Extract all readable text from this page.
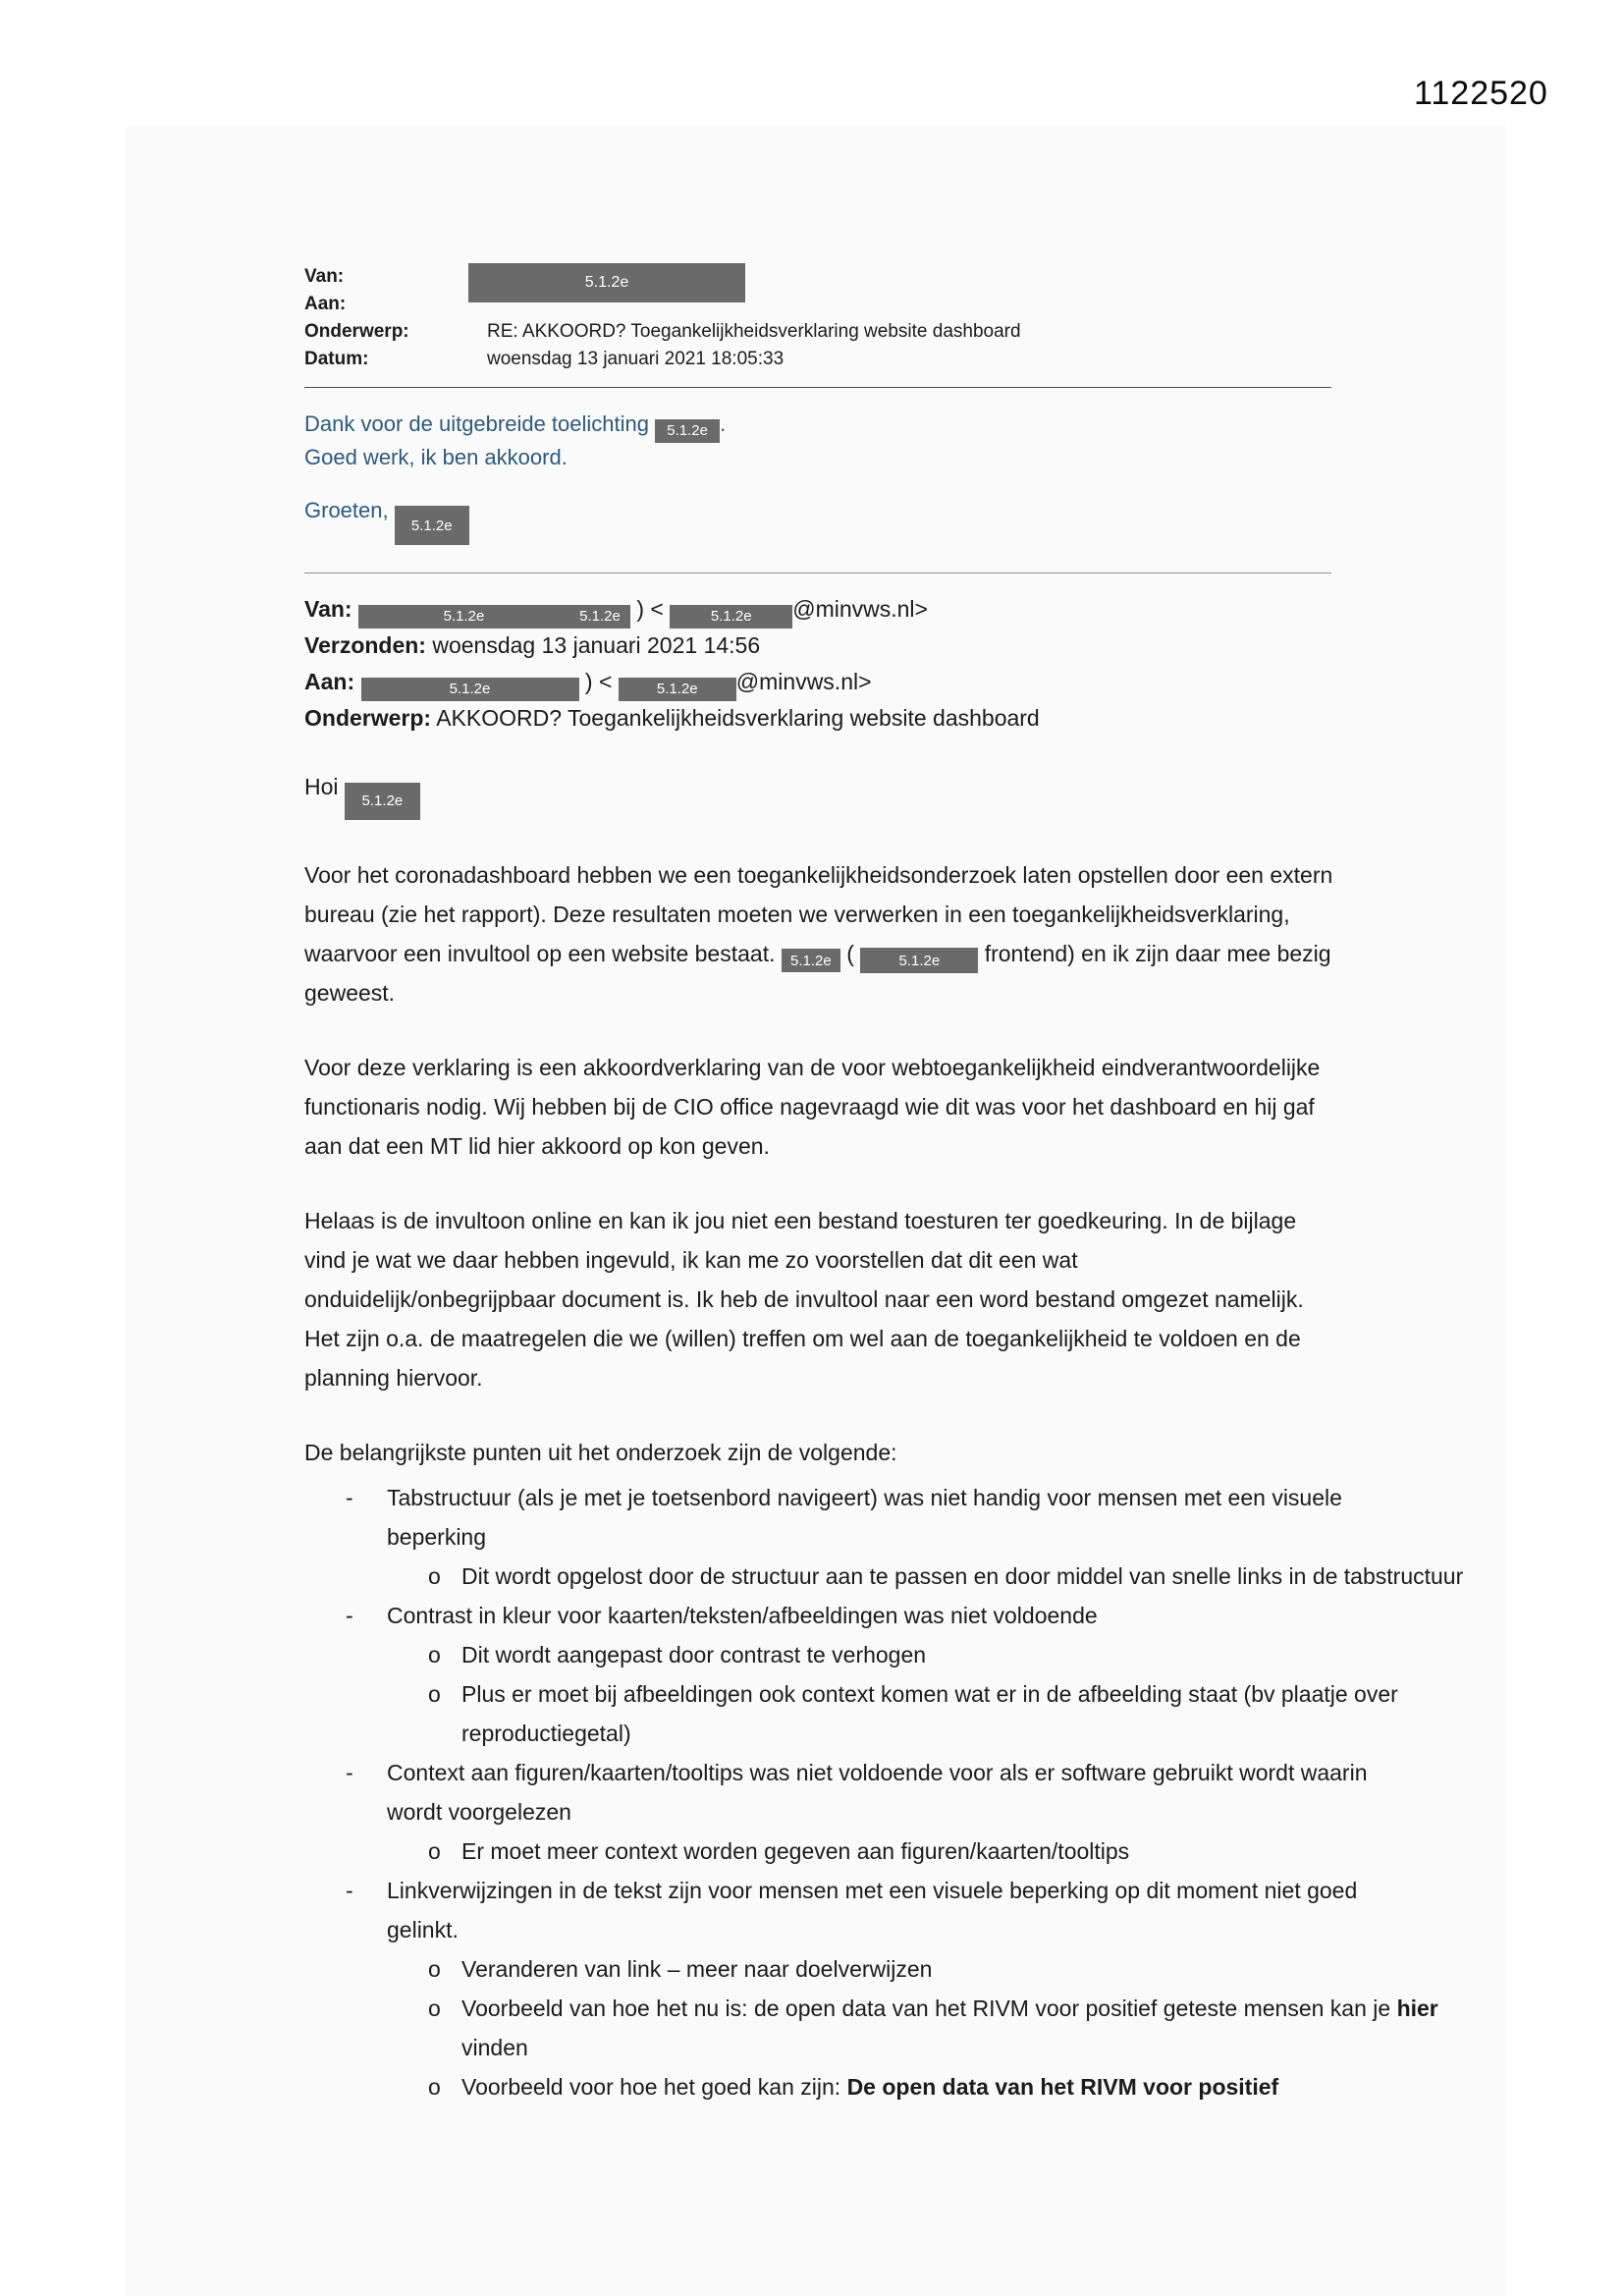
1122520
5.1.2e
Van:
Aan:
Onderwerp:	RE: AKKOORD? Toegankelijkheidsverklaring website dashboard
Datum:	woensdag 13 januari 2021 18:05:33
Dank voor de uitgebreide toelichting 5.1.2e .
Goed werk, ik ben akkoord.
Groeten, 5.1.2e
Van:	5.1.2e	5.1.2e ) <	5.1.2e @minvws.nl>
Verzonden: woensdag 13 januari 2021 14:56
Aan:	5.1.2e	) <	5.1.2e @minvws.nl>
Onderwerp: AKKOORD? Toegankelijkheidsverklaring website dashboard
Hoi 5.1.2e

Voor het coronadashboard hebben we een toegankelijkheidsonderzoek laten opstellen door een extern bureau (zie het rapport). Deze resultaten moeten we verwerken in een toegankelijkheidsverklaring, waarvoor een invultool op een website bestaat. 5.1.2e (	5.1.2e frontend) en ik zijn daar mee bezig geweest.

Voor deze verklaring is een akkoordverklaring van de voor webtoegankelijkheid eindverantwoordelijke functionaris nodig. Wij hebben bij de CIO office nagevraagd wie dit was voor het dashboard en hij gaf aan dat een MT lid hier akkoord op kon geven.

Helaas is de invultoon online en kan ik jou niet een bestand toesturen ter goedkeuring. In de bijlage vind je wat we daar hebben ingevuld, ik kan me zo voorstellen dat dit een wat onduidelijk/onbegrijpbaar document is. Ik heb de invultool naar een word bestand omgezet namelijk. Het zijn o.a. de maatregelen die we (willen) treffen om wel aan de toegankelijkheid te voldoen en de planning hiervoor.

De belangrijkste punten uit het onderzoek zijn de volgende:

- Tabstructuur (als je met je toetsenbord navigeert) was niet handig voor mensen met een visuele beperking
o Dit wordt opgelost door de structuur aan te passen en door middel van snelle links in de tabstructuur
- Contrast in kleur voor kaarten/teksten/afbeeldingen was niet voldoende
o Dit wordt aangepast door contrast te verhogen
o Plus er moet bij afbeeldingen ook context komen wat er in de afbeelding staat (bv plaatje over reproductiegetal)
- Context aan figuren/kaarten/tooltips was niet voldoende voor als er software gebruikt wordt waarin wordt voorgelezen
o Er moet meer context worden gegeven aan figuren/kaarten/tooltips
- Linkverwijzingen in de tekst zijn voor mensen met een visuele beperking op dit moment niet goed gelinkt.
o Veranderen van link – meer naar doelverwijzen
o Voorbeeld van hoe het nu is: de open data van het RIVM voor positief geteste mensen kan je hier vinden
o Voorbeeld voor hoe het goed kan zijn: De open data van het RIVM voor positief
